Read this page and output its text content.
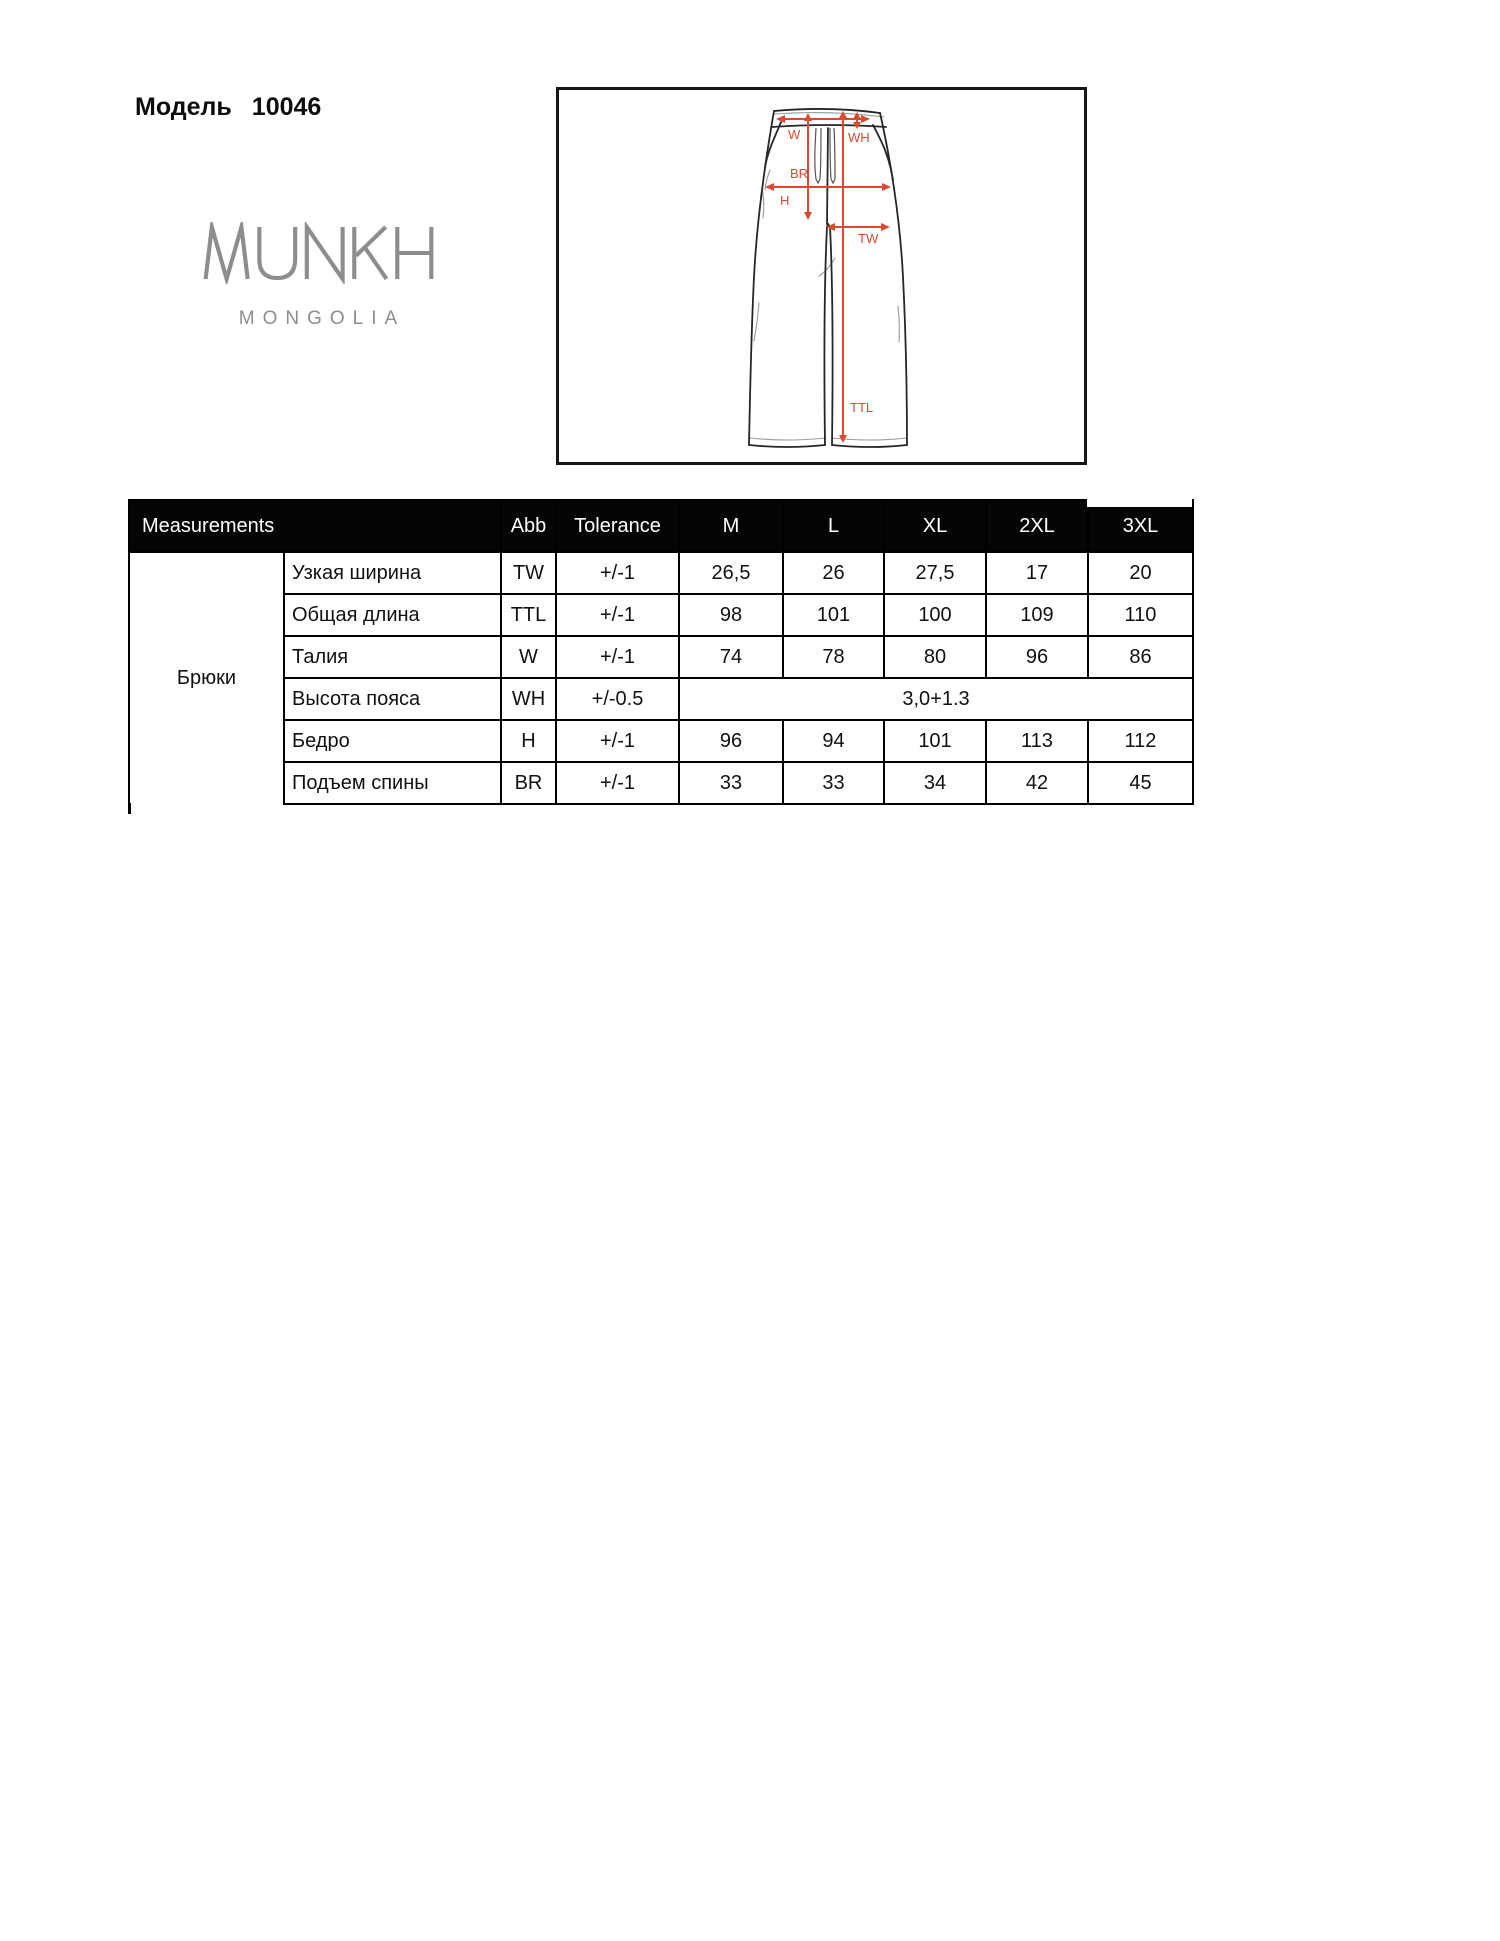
Модель 10046
MONGOLIA
W	WH
BR
H
TW
TTL
Measurements		Abb	Tolerance	M	L	XL	2XL	3XL
Брюки	Узкая ширина	TW	+/-1	26,5	26	27,5	17	20
	Общая длина	TTL	+/-1	98	101	100	109	110
	Талия	W	+/-1	74	78	80	96	86
	Высота пояса	WH	+/-0.5	3,0+1.3				
	Бедро	H	+/-1	96	94	101	113	112
	Подъем спины	BR	+/-1	33	33	34	42	45
